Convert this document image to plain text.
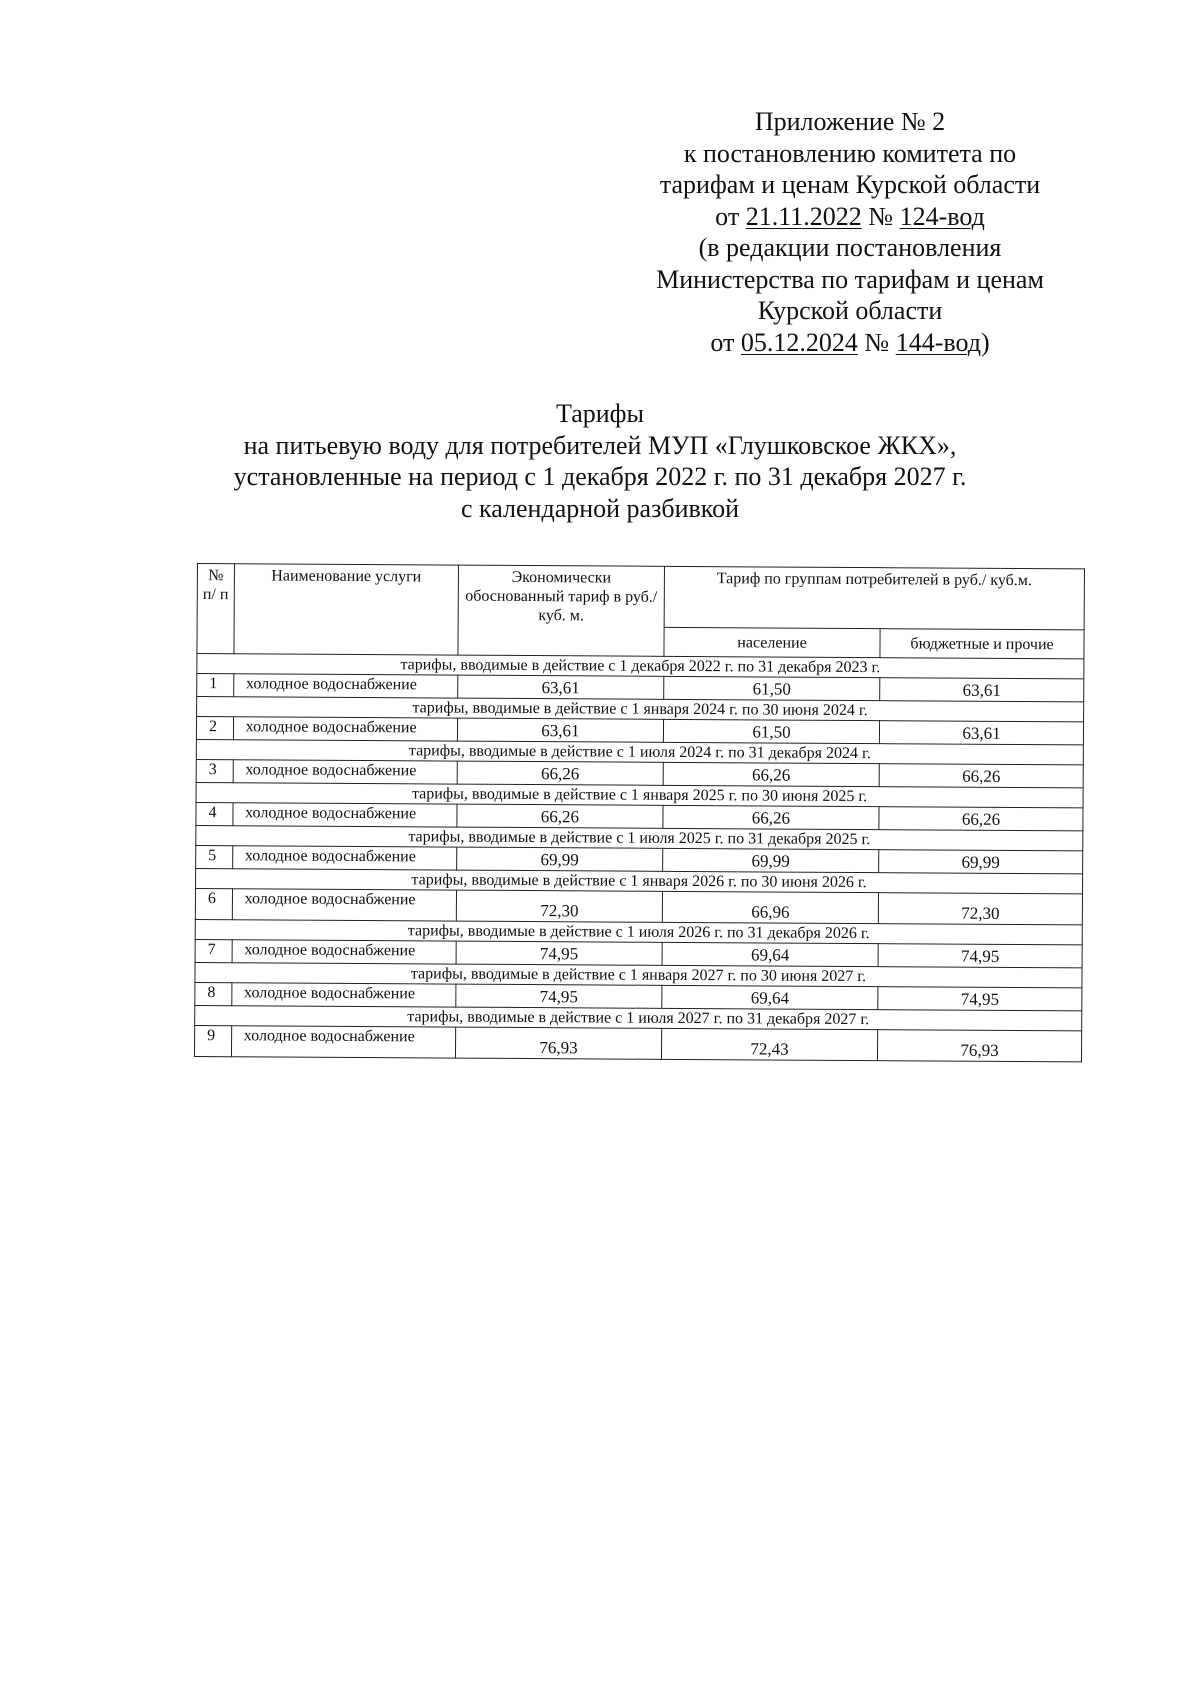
Приложение № 2
к постановлению комитета по
тарифам и ценам Курской области
от 21.11.2022 № 124-вод
(в редакции постановления
Министерства по тарифам и ценам
Курской области
от 05.12.2024 № 144-вод)
Тарифы
на питьевую воду для потребителей МУП «Глушковское ЖКХ»,
установленные на период с 1 декабря 2022 г. по 31 декабря 2027 г.
с календарной разбивкой
№ п/ п	Наименование услуги	Экономически обоснованный тариф в руб./ куб. м.	Тариф по группам потребителей в руб./ куб.м.	
			население	бюджетные и прочие
тарифы, вводимые в действие с 1 декабря 2022 г. по 31 декабря 2023 г.				
1	холодное водоснабжение	63,61	61,50	63,61
тарифы, вводимые в действие с 1 января 2024 г. по 30 июня 2024 г.				
2	холодное водоснабжение	63,61	61,50	63,61
тарифы, вводимые в действие с 1 июля 2024 г. по 31 декабря 2024 г.				
3	холодное водоснабжение	66,26	66,26	66,26
тарифы, вводимые в действие с 1 января 2025 г. по 30 июня 2025 г.				
4	холодное водоснабжение	66,26	66,26	66,26
тарифы, вводимые в действие с 1 июля 2025 г. по 31 декабря 2025 г.				
5	холодное водоснабжение	69,99	69,99	69,99
тарифы, вводимые в действие с 1 января 2026 г. по 30 июня 2026 г.				
6	холодное водоснабжение	72,30	66,96	72,30
тарифы, вводимые в действие с 1 июля 2026 г. по 31 декабря 2026 г.				
7	холодное водоснабжение	74,95	69,64	74,95
тарифы, вводимые в действие с 1 января 2027 г. по 30 июня 2027 г.				
8	холодное водоснабжение	74,95	69,64	74,95
тарифы, вводимые в действие с 1 июля 2027 г. по 31 декабря 2027 г.				
9	холодное водоснабжение	76,93	72,43	76,93
